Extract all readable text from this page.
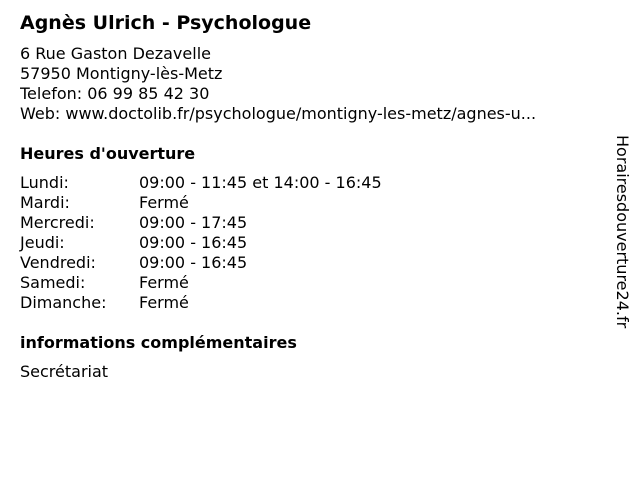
Agnès Ulrich - Psychologue
6 Rue Gaston Dezavelle
57950 Montigny-lès-Metz
Telefon: 06 99 85 42 30
Web: www.doctolib.fr/psychologue/montigny-les-metz/agnes-u...
Heures d'ouverture
Lundi:	09:00 - 11:45 et 14:00 - 16:45
Mardi:	Fermé
Mercredi:	09:00 - 17:45
Jeudi:	09:00 - 16:45
Vendredi:	09:00 - 16:45
Samedi:	Fermé
Dimanche:	Fermé
informations complémentaires
Secrétariat
Horairesdouverture24.fr
